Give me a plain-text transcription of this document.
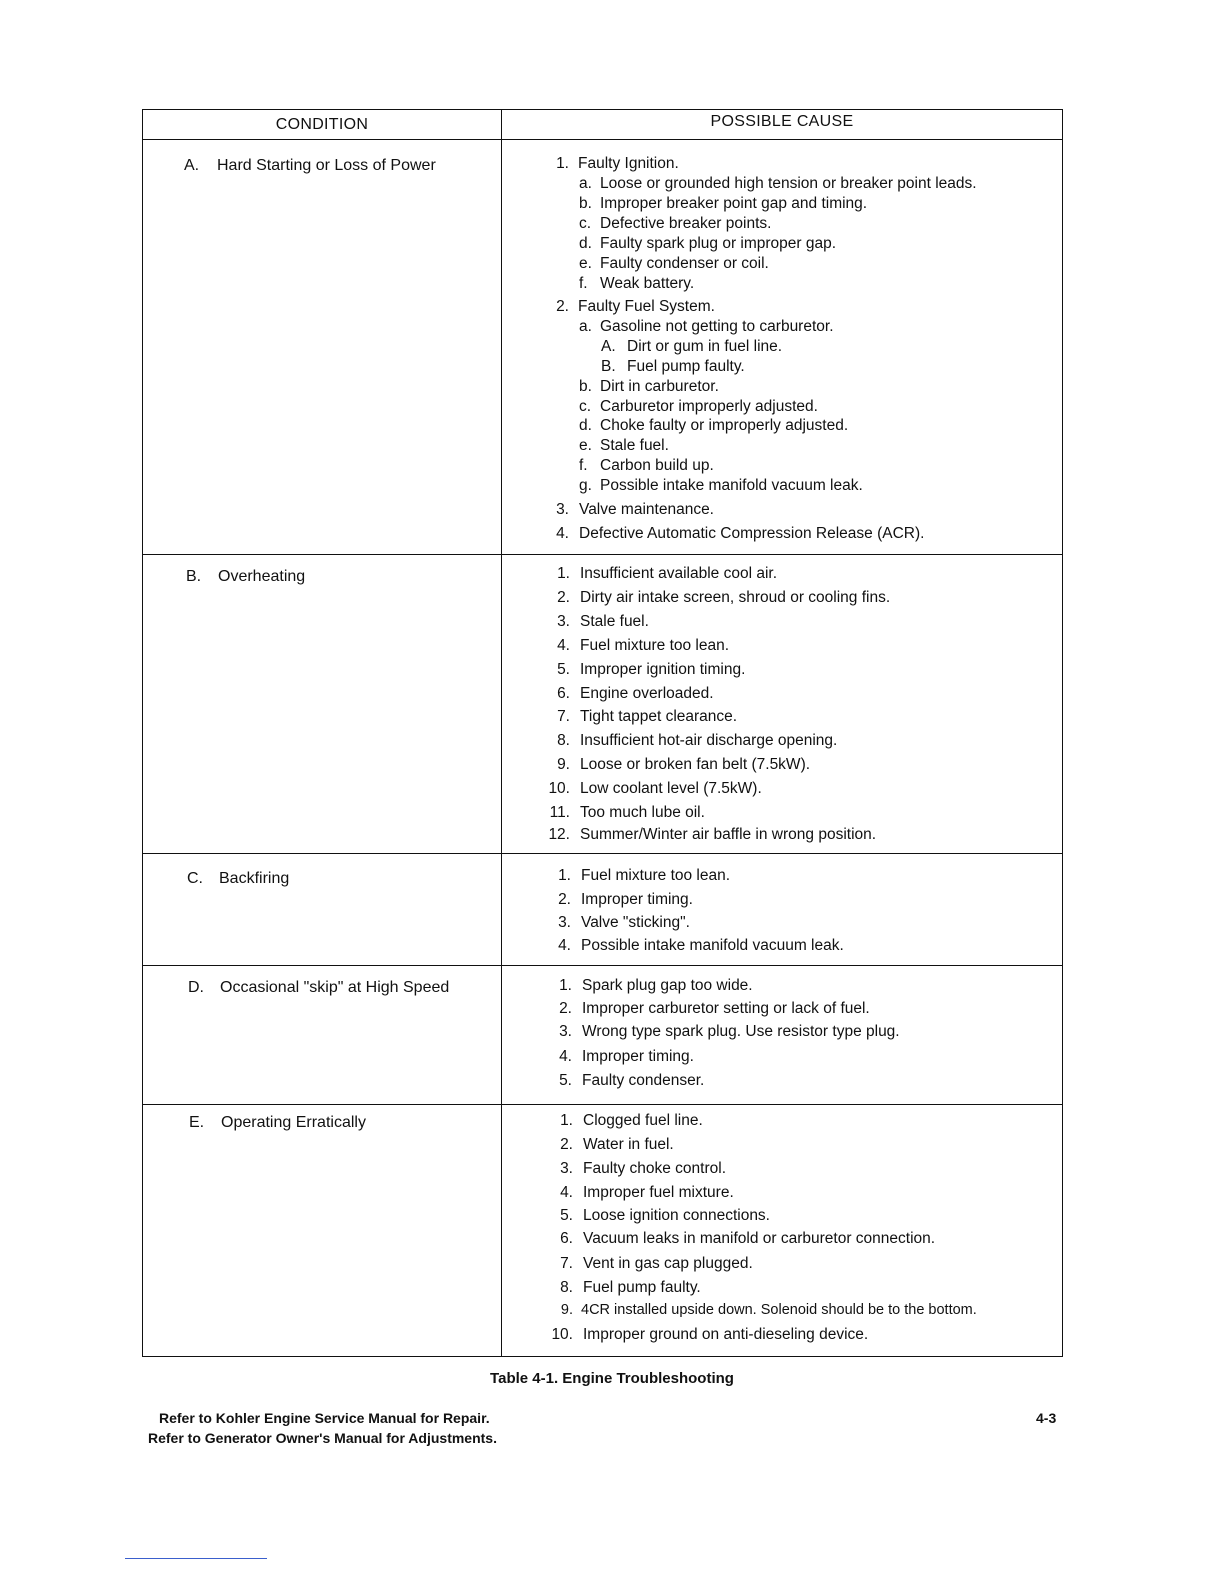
CONDITION	POSSIBLE CAUSE
A. Hard Starting or Loss of Power	1. Faulty Ignition.
a. Loose or grounded high tension or breaker point leads.
b. Improper breaker point gap and timing.
c. Defective breaker points.
d. Faulty spark plug or improper gap.
e. Faulty condenser or coil.
f. Weak battery.
2. Faulty Fuel System.
a. Gasoline not getting to carburetor.
A. Dirt or gum in fuel line.
B. Fuel pump faulty.
b. Dirt in carburetor.
c. Carburetor improperly adjusted.
d. Choke faulty or improperly adjusted.
e. Stale fuel.
f. Carbon build up.
g. Possible intake manifold vacuum leak.
3. Valve maintenance.
4. Defective Automatic Compression Release (ACR).
B. Overheating	1. Insufficient available cool air.
2. Dirty air intake screen, shroud or cooling fins.
3. Stale fuel.
4. Fuel mixture too lean.
5. Improper ignition timing.
6. Engine overloaded.
7. Tight tappet clearance.
8. Insufficient hot-air discharge opening.
9. Loose or broken fan belt (7.5kW).
10. Low coolant level (7.5kW).
11. Too much lube oil.
12. Summer/Winter air baffle in wrong position.
C. Backfiring	1. Fuel mixture too lean.
2. Improper timing.
3. Valve "sticking".
4. Possible intake manifold vacuum leak.
D. Occasional "skip" at High Speed	1. Spark plug gap too wide.
2. Improper carburetor setting or lack of fuel.
3. Wrong type spark plug. Use resistor type plug.
4. Improper timing.
5. Faulty condenser.
E. Operating Erratically	1. Clogged fuel line.
2. Water in fuel.
3. Faulty choke control.
4. Improper fuel mixture.
5. Loose ignition connections.
6. Vacuum leaks in manifold or carburetor connection.
7. Vent in gas cap plugged.
8. Fuel pump faulty.
9. 4CR installed upside down. Solenoid should be to the bottom.
10. Improper ground on anti-dieseling device.
Table 4-1. Engine Troubleshooting
Refer to Kohler Engine Service Manual for Repair.
Refer to Generator Owner's Manual for Adjustments.
4-3
